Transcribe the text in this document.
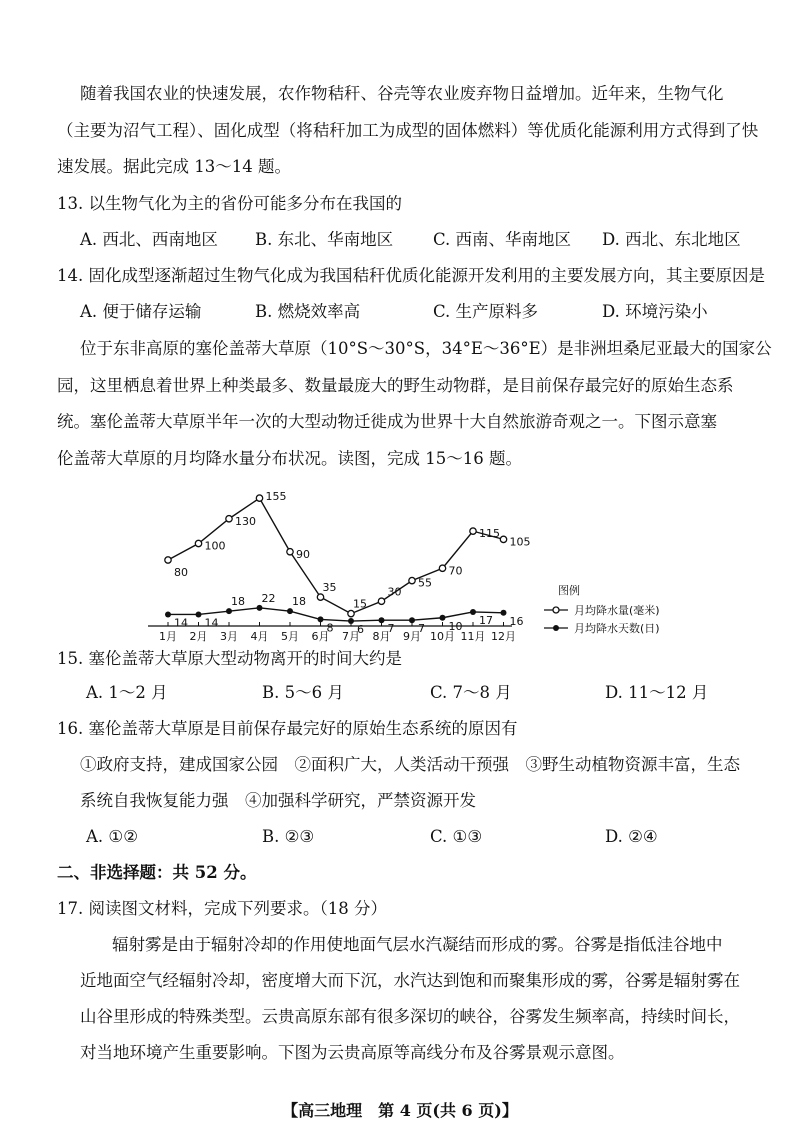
随着我国农业的快速发展，农作物秸秆、谷壳等农业废弃物日益增加。近年来，生物气化
（主要为沼气工程）、固化成型（将秸秆加工为成型的固体燃料）等优质化能源利用方式得到了快
速发展。据此完成 13～14 题。
13. 以生物气化为主的省份可能多分布在我国的
A. 西北、西南地区 B. 东北、华南地区 C. 西南、华南地区 D. 西北、东北地区
14. 固化成型逐渐超过生物气化成为我国秸秆优质化能源开发利用的主要发展方向，其主要原因是
A. 便于储存运输	B. 燃烧效率高	C. 生产原料多	D. 环境污染小
位于东非高原的塞伦盖蒂大草原（10°S～30°S，34°E～36°E）是非洲坦桑尼亚最大的国家公
园，这里栖息着世界上种类最多、数量最庞大的野生动物群，是目前保存最完好的原始生态系
统。塞伦盖蒂大草原半年一次的大型动物迁徙成为世界十大自然旅游奇观之一。下图示意塞
伦盖蒂大草原的月均降水量分布状况。读图，完成 15～16 题。
80
100
130
155
90
35
15
30
55
70
115
105
14 14
18 22 18
8 6 7 7 10 17 16
1月 2月 3月 4月 5月 6月 7月 8月 9月 10月 11月 12月
图例
月均降水量(毫米)
月均降水天数(日)
15. 塞伦盖蒂大草原大型动物离开的时间大约是
A. 1～2 月	B. 5～6 月	C. 7～8 月	D. 11～12 月
16. 塞伦盖蒂大草原是目前保存最完好的原始生态系统的原因有
①政府支持，建成国家公园　②面积广大，人类活动干预强　③野生动植物资源丰富，生态
系统自我恢复能力强　④加强科学研究，严禁资源开发
A. ①②	B. ②③	C. ①③	D. ②④
二、非选择题：共 52 分。
17. 阅读图文材料，完成下列要求。（18 分）
辐射雾是由于辐射冷却的作用使地面气层水汽凝结而形成的雾。谷雾是指低洼谷地中
近地面空气经辐射冷却，密度增大而下沉，水汽达到饱和而聚集形成的雾，谷雾是辐射雾在
山谷里形成的特殊类型。云贵高原东部有很多深切的峡谷，谷雾发生频率高，持续时间长，
对当地环境产生重要影响。下图为云贵高原等高线分布及谷雾景观示意图。
【高三地理　第 4 页(共 6 页)】
